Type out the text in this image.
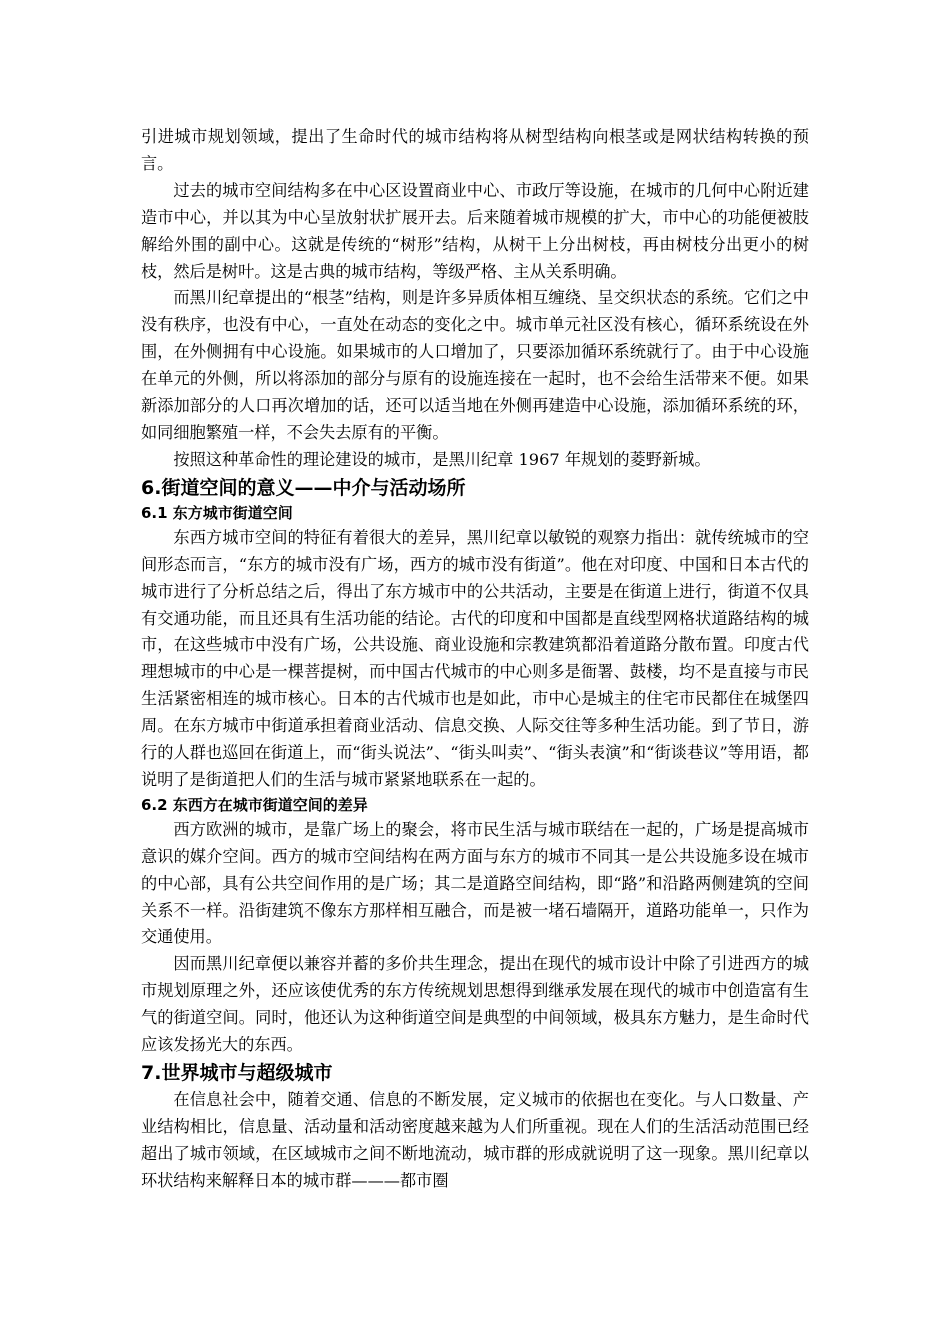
引进城市规划领域，提出了生命时代的城市结构将从树型结构向根茎或是网状结构转换的预言。

过去的城市空间结构多在中心区设置商业中心、市政厅等设施，在城市的几何中心附近建造市中心，并以其为中心呈放射状扩展开去。后来随着城市规模的扩大，市中心的功能便被肢解给外围的副中心。这就是传统的“树形”结构，从树干上分出树枝，再由树枝分出更小的树枝，然后是树叶。这是古典的城市结构，等级严格、主从关系明确。

而黑川纪章提出的“根茎”结构，则是许多异质体相互缠绕、呈交织状态的系统。它们之中没有秩序，也没有中心，一直处在动态的变化之中。城市单元社区没有核心，循环系统设在外围，在外侧拥有中心设施。如果城市的人口增加了，只要添加循环系统就行了。由于中心设施在单元的外侧，所以将添加的部分与原有的设施连接在一起时，也不会给生活带来不便。如果新添加部分的人口再次增加的话，还可以适当地在外侧再建造中心设施，添加循环系统的环，如同细胞繁殖一样，不会失去原有的平衡。

按照这种革命性的理论建设的城市，是黑川纪章 1967 年规划的菱野新城。

6.街道空间的意义——中介与活动场所
6.1 东方城市街道空间

东西方城市空间的特征有着很大的差异，黑川纪章以敏锐的观察力指出：就传统城市的空间形态而言，“东方的城市没有广场，西方的城市没有街道”。他在对印度、中国和日本古代的城市进行了分析总结之后，得出了东方城市中的公共活动，主要是在街道上进行，街道不仅具有交通功能，而且还具有生活功能的结论。古代的印度和中国都是直线型网格状道路结构的城市，在这些城市中没有广场，公共设施、商业设施和宗教建筑都沿着道路分散布置。印度古代理想城市的中心是一棵菩提树，而中国古代城市的中心则多是衙署、鼓楼，均不是直接与市民生活紧密相连的城市核心。日本的古代城市也是如此，市中心是城主的住宅市民都住在城堡四周。在东方城市中街道承担着商业活动、信息交换、人际交往等多种生活功能。到了节日，游行的人群也巡回在街道上，而“街头说法”、“街头叫卖”、“街头表演”和“街谈巷议”等用语，都说明了是街道把人们的生活与城市紧紧地联系在一起的。

6.2 东西方在城市街道空间的差异

西方欧洲的城市，是靠广场上的聚会，将市民生活与城市联结在一起的，广场是提高城市意识的媒介空间。西方的城市空间结构在两方面与东方的城市不同其一是公共设施多设在城市的中心部，具有公共空间作用的是广场；其二是道路空间结构，即“路”和沿路两侧建筑的空间关系不一样。沿街建筑不像东方那样相互融合，而是被一堵石墙隔开，道路功能单一，只作为交通使用。

因而黑川纪章便以兼容并蓄的多价共生理念，提出在现代的城市设计中除了引进西方的城市规划原理之外，还应该使优秀的东方传统规划思想得到继承发展在现代的城市中创造富有生气的街道空间。同时，他还认为这种街道空间是典型的中间领域，极具东方魅力，是生命时代应该发扬光大的东西。

7.世界城市与超级城市

在信息社会中，随着交通、信息的不断发展，定义城市的依据也在变化。与人口数量、产业结构相比，信息量、活动量和活动密度越来越为人们所重视。现在人们的生活活动范围已经超出了城市领域，在区域城市之间不断地流动，城市群的形成就说明了这一现象。黑川纪章以环状结构来解释日本的城市群———都市圈
